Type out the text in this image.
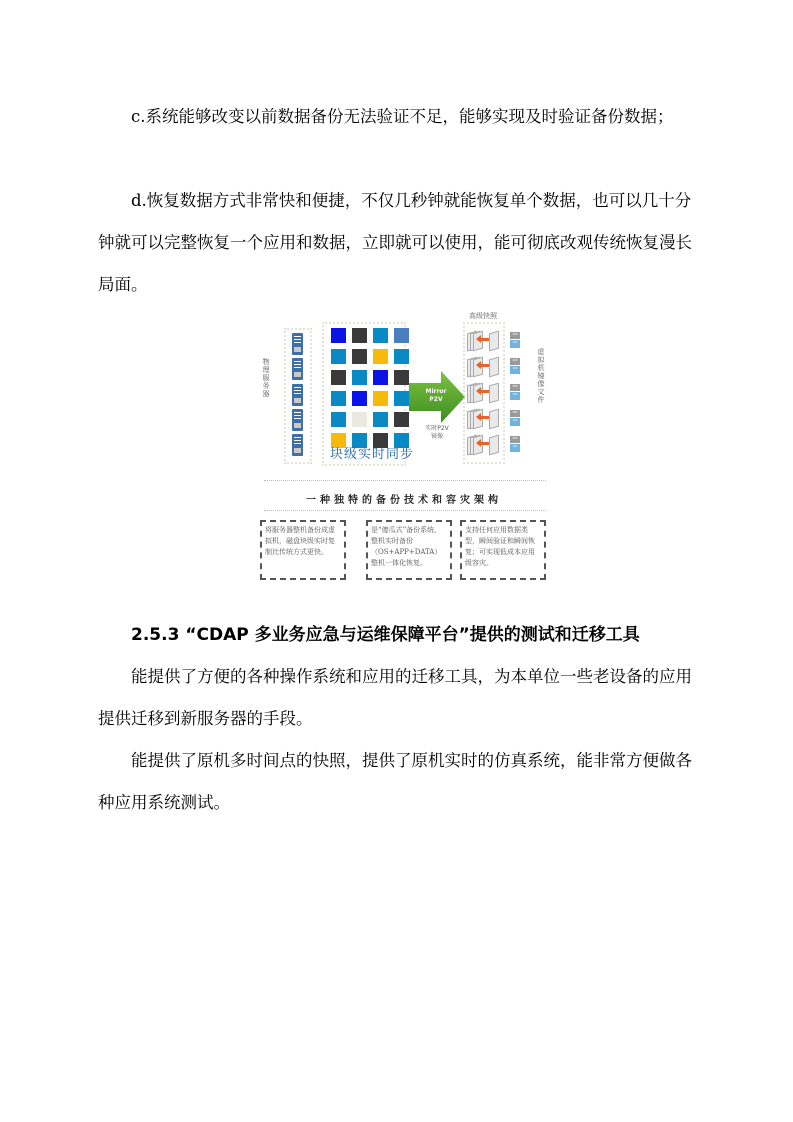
c.系统能够改变以前数据备份无法验证不足，能够实现及时验证备份数据；

d.恢复数据方式非常快和便捷，不仅几秒钟就能恢复单个数据，也可以几十分钟就可以完整恢复一个应用和数据，立即就可以使用，能可彻底改观传统恢复漫长局面。

物理服务器
块级实时同步
Mirror
P2V
实时P2V镜像
高级快照
MP
OS
MP
OS
MP
OS
MP
OS
MP
OS
虚拟机镜像文件
一种独特的备份技术和容灾架构
将服务器整机备份成虚拟机，磁盘块级实时复制比传统方式更快。
是“傻瓜式”备份系统，整机实时备份（OS+APP+DATA）整机一体化恢复。
支持任何应用数据类型，瞬间验证和瞬间恢复；可实现低成本应用级容灾。
2.5.3 “CDAP 多业务应急与运维保障平台”提供的测试和迁移工具

能提供了方便的各种操作系统和应用的迁移工具，为本单位一些老设备的应用提供迁移到新服务器的手段。

能提供了原机多时间点的快照，提供了原机实时的仿真系统，能非常方便做各种应用系统测试。
